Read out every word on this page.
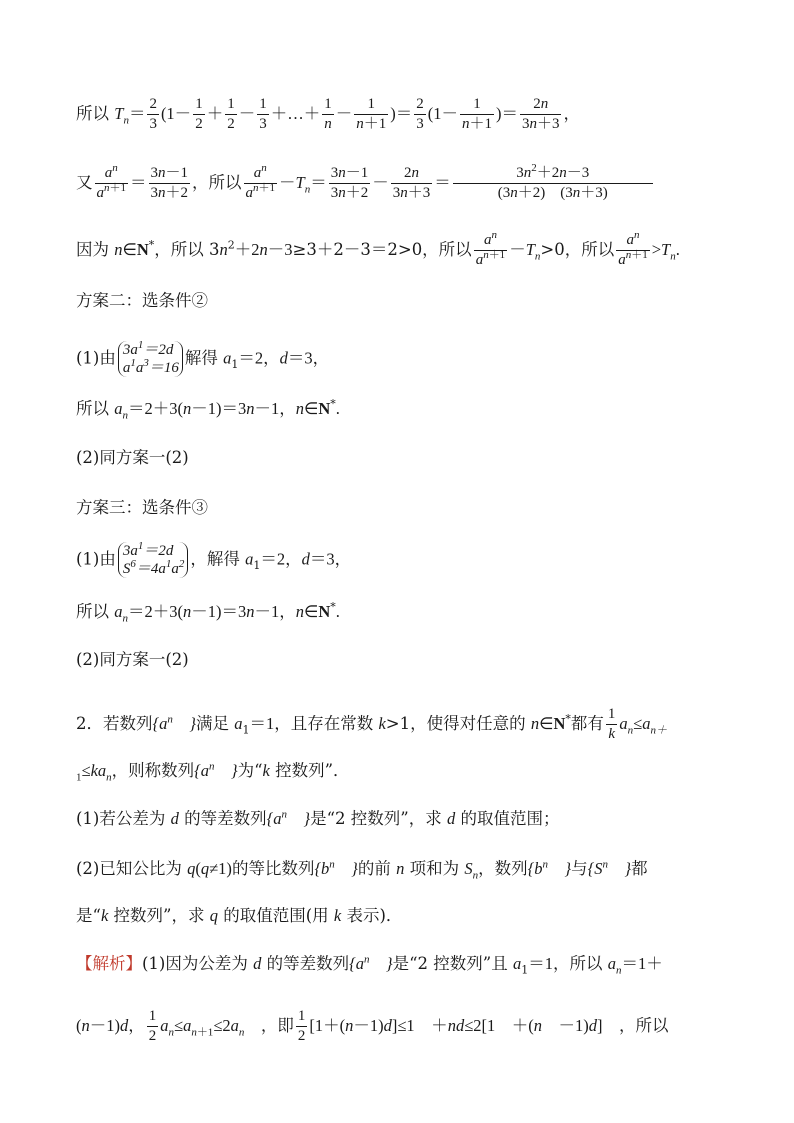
所以 $T_n= \frac{2}{3} (1- \frac{1}{2} + \frac{1}{2} - \frac{1}{3}$ ＋…＋ $\frac{1}{n} - \frac{1}{n+1}$ )＝ $\frac{2}{3} (1- \frac{1}{n+1}$ )＝ $\frac{2n}{3n+3}$ ，
又 $\frac{a^n}{a^{n+1}} = \frac{3n-1}{3n+2}$ ，所以 $\frac{a^n}{a^{n+1}} -T_n= \frac{3n-1}{3n+2} - \frac{2n}{3n+3} = \frac{3n^2+2n-3}{(3n+2) (3n+3)}$
因为 n∈N*，所以 $3n^2+2n-3\ge 3+2-3=2>0$，所以 $\frac{a^n}{a^{n+1}} -T_n>0$，所以 $\frac{a^n}{a^{n+1}} >T_n$.
方案二：选条件②
(1)由 $3a^1=2d$
$a^1a^3=16$
解得 $a_1=2$，d＝3，
所以 $a_n=2+3(n-1)=3n-1$，n∈N*.
(2)同方案一(2)
方案三：选条件③
(1)由 $3a^1=2d$
$S^6=4a^1a^2$ ，解得 $a_1=2$，d＝3，
所以 $a_n=2+3(n-1)=3n-1$，n∈N*.
(2)同方案一(2)
2．若数列{$a^n$　}满足 $a_1=1$，且存在常数 k>1，使得对任意的 n∈N*都有 $\frac{1}{k} a_n\le a_{n+}$
$_1\le ka_n$，则称数列{$a^n$　}为“k 控数列”．
(1)若公差为 d 的等差数列{$a^n$　}是“2 控数列”，求 d 的取值范围；
(2)已知公比为 q(q≠1)的等比数列{$b^n$　}的前 n 项和为 $S_n$，数列{$b^n$　}与{$S^n$　}都
是“k 控数列”，求 q 的取值范围(用 k 表示)．
【解析】(1)因为公差为 d 的等差数列{$a^n$　}是“2 控数列”且 $a_1=1$，所以 $a_n=1+$
(n－1)d， $\frac{1}{2} a_n\le a_{n+1}\le 2a_n$　 ，即 $\frac{1}{2} [1+(n-1)d]\le 1$　＋nd≤2[1　＋(n　－1)d]　，所以
